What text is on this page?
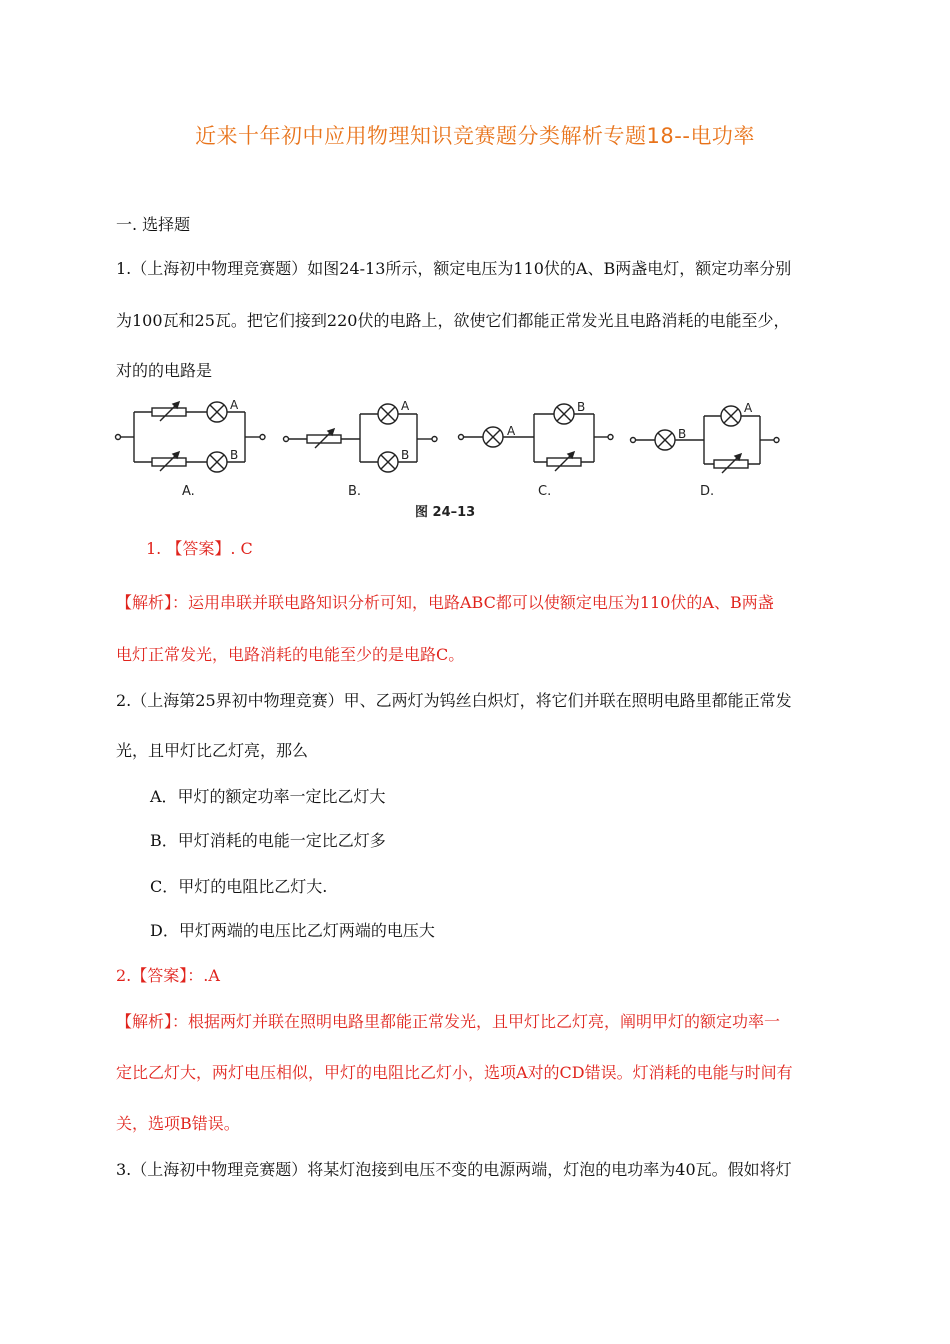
近来十年初中应用物理知识竞赛题分类解析专题18--电功率
一. 选择题
1.（上海初中物理竞赛题）如图24-13所示，额定电压为110伏的A、B两盏电灯，额定功率分别
为100瓦和25瓦。把它们接到220伏的电路上，欲使它们都能正常发光且电路消耗的电能至少，
对的的电路是
A
B
A.
A
B
B.
A
B
C.
B
A
D.
图 24–13
1. 【答案】. C
【解析】：运用串联并联电路知识分析可知，电路ABC都可以使额定电压为110伏的A、B两盏
电灯正常发光，电路消耗的电能至少的是电路C。
2.（上海第25界初中物理竞赛）甲、乙两灯为钨丝白炽灯，将它们并联在照明电路里都能正常发
光，且甲灯比乙灯亮，那么
A．甲灯的额定功率一定比乙灯大
B．甲灯消耗的电能一定比乙灯多
C．甲灯的电阻比乙灯大.
D．甲灯两端的电压比乙灯两端的电压大
2.【答案】：.A
【解析】：根据两灯并联在照明电路里都能正常发光，且甲灯比乙灯亮，阐明甲灯的额定功率一
定比乙灯大，两灯电压相似，甲灯的电阻比乙灯小，选项A对的CD错误。灯消耗的电能与时间有
关，选项B错误。
3.（上海初中物理竞赛题）将某灯泡接到电压不变的电源两端，灯泡的电功率为40瓦。假如将灯
